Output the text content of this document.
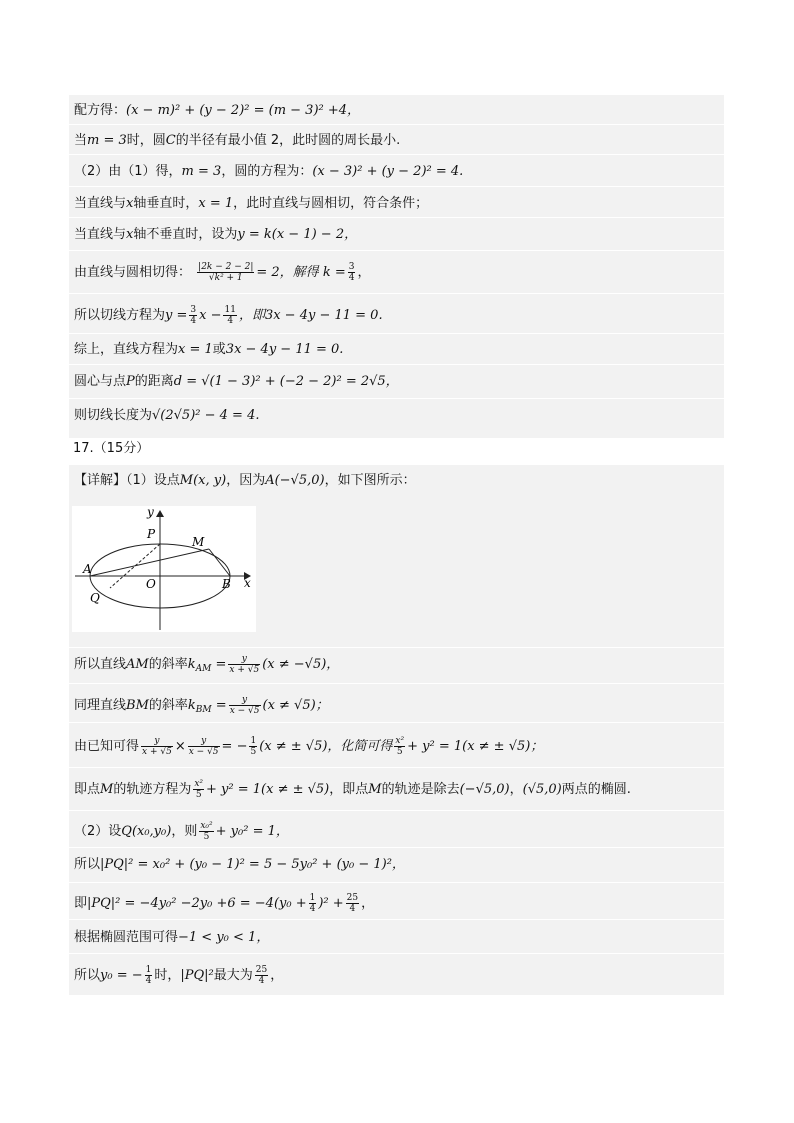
配方得：(x − m)² + (y − 2)² = (m − 3)² +4，
当m = 3时，圆C的半径有最小值 2，此时圆的周长最小.
（2）由（1）得，m = 3，圆的方程为：(x − 3)² + (y − 2)² = 4.
当直线与x轴垂直时，x = 1，此时直线与圆相切，符合条件；
当直线与x轴不垂直时，设为y = k(x − 1) − 2，
由直线与圆相切得： $\frac{|2k - 2 - 2|}{\text{√k² + 1}} = 2$，解得 $k = \frac{3}{4}$ ，
所以切线方程为$y = \frac{3}{4}$ $x - \frac{11}{4}$ ，即3x − 4y − 11 = 0.
综上，直线方程为x = 1或3x − 4y − 11 = 0.
圆心与点P的距离d = √(1 − 3)² + (−2 − 2)² = 2√5，
则切线长度为√(2√5)² − 4 = 4.
17.（15分）
【详解】（1）设点M(x, y)，因为A(−√5,0)，如下图所示：
所以直线AM的斜率$k_{AM} = \frac{y}{x + √5} (x \ne -√5)$，
同理直线BM的斜率$k_{BM} = \frac{y}{x - √5} (x \ne √5)$；
由已知可得 $\frac{y}{x + √5} \times \frac{y}{x - √5}$ = − $\frac{1}{5} (x$ ≠ ± √5)，化简可得 $\frac{\text{x²}}{5} + y^2 = 1(x$ ≠ ± √5)；
即点M的轨迹方程为 $\frac{\text{x²}}{5} + y^2 = 1(x$ ≠ ± √5)，即点M的轨迹是除去(−√5,0)，(√5,0)两点的椭圆.
（2）设Q(x₀,y₀)，则 $\frac{\text{x₀²}}{5} + y_0^2 = 1$，
所以|PQ|² = x₀² + (y₀ − 1)² = 5 − 5y₀² + (y₀ − 1)²，
即$|PQ|^2 = -4y_0^2 -2y_0 +6 = -4(y_0 + \frac{1}{4} )^2 + \frac{25}{4}$ ，
根据椭圆范围可得−1 < y₀ < 1，
所以y₀ = − $\frac{1}{4}$ 时，|PQ|²最大为 $\frac{25}{4}$ ，
y
x
P
M
A
O	B
Q
